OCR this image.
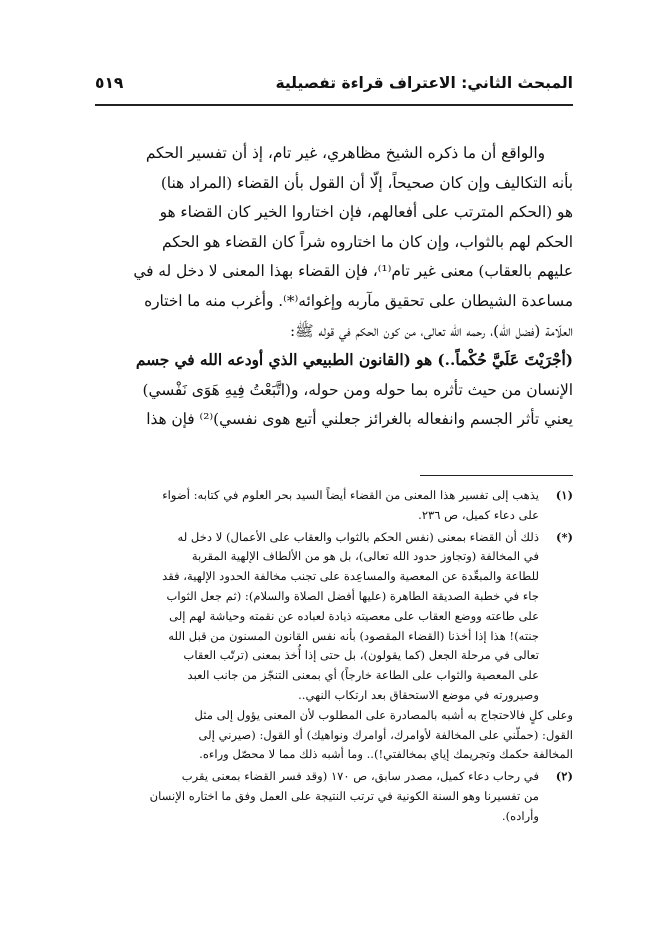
المبحث الثاني: الاعتراف قراءة تفصيلية
٥١٩
والواقع أن ما ذكره الشيخ مظاهري، غير تام، إذ أن تفسير الحكم
بأنه التكاليف وإن كان صحيحاً، إلّا أن القول بأن القضاء (المراد هنا)
هو (الحكم المترتب على أفعالهم، فإن اختاروا الخير كان القضاء هو
الحكم لهم بالثواب، وإن كان ما اختاروه شراً كان القضاء هو الحكم
عليهم بالعقاب) معنى غير تام⁽¹⁾، فإن القضاء بهذا المعنى لا دخل له في
مساعدة الشيطان على تحقيق مآربه وإغوائه⁽*⁾. وأغرب منه ما اختاره
العلّامة (فضل الله)، رحمه الله تعالى، من كون الحكم في قوله ﷺ:
(أجْرَيْتَ عَلَيَّ حُكْماً..) هو (القانون الطبيعي الذي أودعه الله في جسم
الإنسان من حيث تأثره بما حوله ومن حوله، و(اتَّبَعْتُ فِيهِ هَوَى نَفْسي)
يعني تأثر الجسم وانفعاله بالغرائز جعلني أتبع هوى نفسي)⁽²⁾ فإن هذا
(١)
يذهب إلى تفسير هذا المعنى من القضاء أيضاً السيد بحر العلوم في كتابه: أضواء
على دعاء كميل، ص ٢٣٦.
(*)
ذلك أن القضاء بمعنى (نفس الحكم بالثواب والعقاب على الأعمال) لا دخل له
في المخالفة (وتجاوز حدود الله تعالى)، بل هو من الألطاف الإلهية المقربة
للطاعة والمبعِّدة عن المعصية والمساعِدة على تجنب مخالفة الحدود الإلهية، فقد
جاء في خطبة الصديقة الطاهرة (عليها أفضل الصلاة والسلام): (ثم جعل الثواب
على طاعته ووضع العقاب على معصيته ذيادة لعباده عن نقمته وحياشة لهم إلى
جنته)! هذا إذا أخذنا (القضاء المقصود) بأنه نفس القانون المسنون من قبل الله
تعالى في مرحلة الجعل (كما يقولون)، بل حتى إذا أُخذ بمعنى (ترتّب العقاب
على المعصية والثواب على الطاعة خارجاً) أي بمعنى التنجّز من جانب العبد
وصيرورته في موضع الاستحقاق بعد ارتكاب النهي..
وعلى كلٍ فالاحتجاج به أشبه بالمصادرة على المطلوب لأن المعنى يؤول إلى مثل
القول: (حملّني على المخالفة لأوامرك، أوامرك ونواهيك) أو القول: (صيرني إلى
المخالفة حكمك وتجريمك إياي بمخالفتي!).. وما أشبه ذلك مما لا محصّل وراءه.
(٢)
في رحاب دعاء كميل، مصدر سابق، ص ١٧٠ (وقد فسر القضاء بمعنى يقرب
من تفسيرنا وهو السنة الكونية في ترتب النتيجة على العمل وفق ما اختاره الإنسان
وأراده).
